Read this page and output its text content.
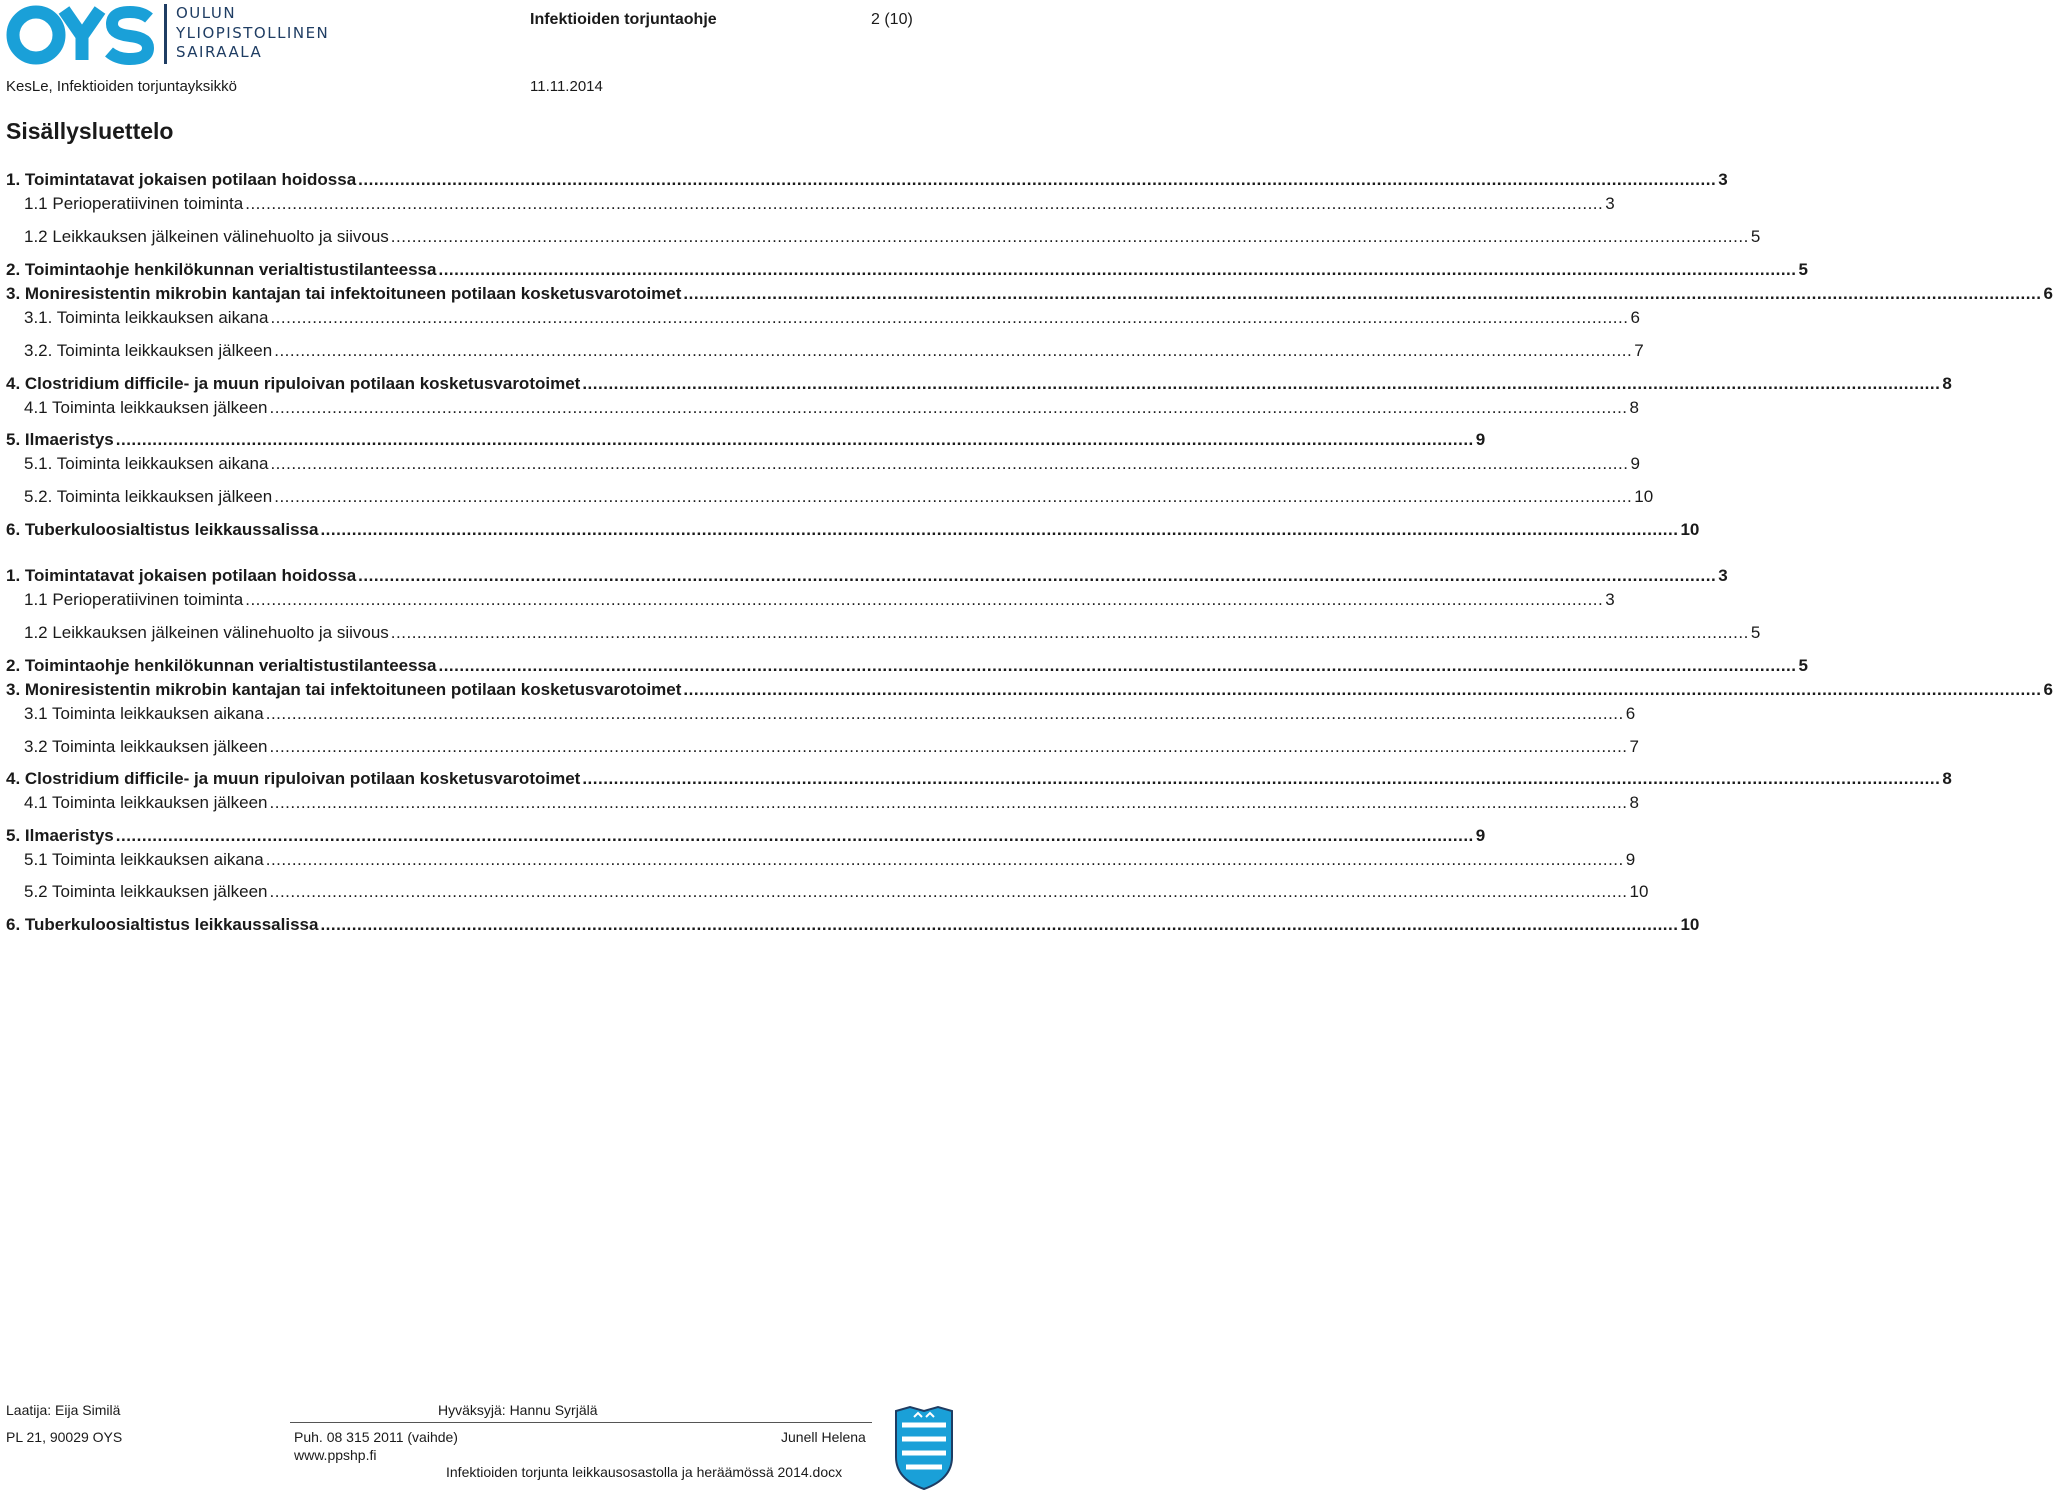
OULUN
YLIOPISTOLLINEN
SAIRAALA
Infektioiden torjuntaohje	2 (10)
KesLe, Infektioiden torjuntayksikkö	11.11.2014
Sisällysluettelo
1. Toimintatavat jokaisen potilaan hoidossa .................................................................................................................................................................................................................................................................... 3
1.1 Perioperatiivinen toiminta .................................................................................................................................................................................................................................................................... 3
1.2 Leikkauksen jälkeinen välinehuolto ja siivous .................................................................................................................................................................................................................................................................... 5
2. Toimintaohje henkilökunnan verialtistustilanteessa .................................................................................................................................................................................................................................................................... 5
3. Moniresistentin mikrobin kantajan tai infektoituneen potilaan kosketusvarotoimet .................................................................................................................................................................................................................................................................... 6
3.1. Toiminta leikkauksen aikana .................................................................................................................................................................................................................................................................... 6
3.2. Toiminta leikkauksen jälkeen .................................................................................................................................................................................................................................................................... 7
4. Clostridium difficile- ja muun ripuloivan potilaan kosketusvarotoimet .................................................................................................................................................................................................................................................................... 8
4.1 Toiminta leikkauksen jälkeen .................................................................................................................................................................................................................................................................... 8
5. Ilmaeristys .................................................................................................................................................................................................................................................................... 9
5.1. Toiminta leikkauksen aikana .................................................................................................................................................................................................................................................................... 9
5.2. Toiminta leikkauksen jälkeen .................................................................................................................................................................................................................................................................... 10
6. Tuberkuloosialtistus leikkaussalissa .................................................................................................................................................................................................................................................................... 10
1. Toimintatavat jokaisen potilaan hoidossa .................................................................................................................................................................................................................................................................... 3
1.1 Perioperatiivinen toiminta .................................................................................................................................................................................................................................................................... 3
1.2 Leikkauksen jälkeinen välinehuolto ja siivous .................................................................................................................................................................................................................................................................... 5
2. Toimintaohje henkilökunnan verialtistustilanteessa .................................................................................................................................................................................................................................................................... 5
3. Moniresistentin mikrobin kantajan tai infektoituneen potilaan kosketusvarotoimet .................................................................................................................................................................................................................................................................... 6
3.1 Toiminta leikkauksen aikana .................................................................................................................................................................................................................................................................... 6
3.2 Toiminta leikkauksen jälkeen .................................................................................................................................................................................................................................................................... 7
4. Clostridium difficile- ja muun ripuloivan potilaan kosketusvarotoimet .................................................................................................................................................................................................................................................................... 8
4.1 Toiminta leikkauksen jälkeen .................................................................................................................................................................................................................................................................... 8
5. Ilmaeristys .................................................................................................................................................................................................................................................................... 9
5.1 Toiminta leikkauksen aikana .................................................................................................................................................................................................................................................................... 9
5.2 Toiminta leikkauksen jälkeen .................................................................................................................................................................................................................................................................... 10
6. Tuberkuloosialtistus leikkaussalissa .................................................................................................................................................................................................................................................................... 10
Laatija: Eija Similä	Hyväksyjä: Hannu Syrjälä
PL 21, 90029 OYS	Puh. 08 315 2011 (vaihde)
www.ppshp.fi
Junell Helena
Infektioiden torjunta leikkausosastolla ja heräämössä 2014.docx
